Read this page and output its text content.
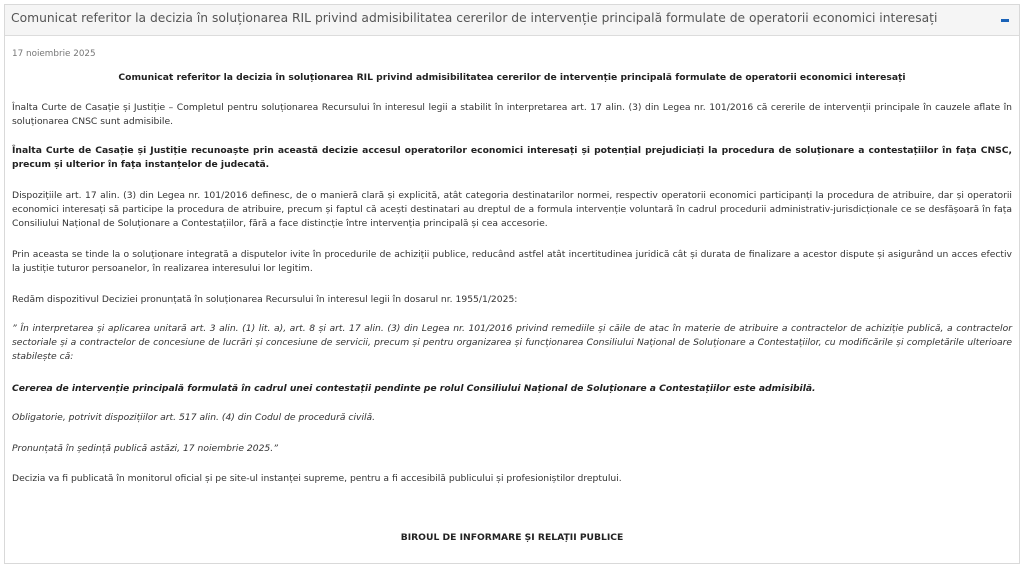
Comunicat referitor la decizia în soluționarea RIL privind admisibilitatea cererilor de intervenție principală formulate de operatorii economici interesați

17 noiembrie 2025

Comunicat referitor la decizia în soluționarea RIL privind admisibilitatea cererilor de intervenție principală formulate de operatorii economici interesați

Înalta Curte de Casație și Justiție – Completul pentru soluționarea Recursului în interesul legii a stabilit în interpretarea art. 17 alin. (3) din Legea nr. 101/2016 că cererile de intervenții principale în cauzele aflate în soluționarea CNSC sunt admisibile.

Înalta Curte de Casație și Justiție recunoaște prin această decizie accesul operatorilor economici interesați și potențial prejudiciați la procedura de soluționare a contestațiilor în fața CNSC, precum și ulterior în fața instanțelor de judecată.

Dispozițiile art. 17 alin. (3) din Legea nr. 101/2016 definesc, de o manieră clară și explicită, atât categoria destinatarilor normei, respectiv operatorii economici participanți la procedura de atribuire, dar și operatorii economici interesați să participe la procedura de atribuire, precum și faptul că acești destinatari au dreptul de a formula intervenție voluntară în cadrul procedurii administrativ-jurisdicționale ce se desfășoară în fața Consiliului Național de Soluționare a Contestațiilor, fără a face distincție între intervenția principală și cea accesorie.

Prin aceasta se tinde la o soluționare integrată a disputelor ivite în procedurile de achiziții publice, reducând astfel atât incertitudinea juridică cât și durata de finalizare a acestor dispute și asigurând un acces efectiv la justiție tuturor persoanelor, în realizarea interesului lor legitim.

Redăm dispozitivul Deciziei pronunțată în soluționarea Recursului în interesul legii în dosarul nr. 1955/1/2025:

” În interpretarea și aplicarea unitară art. 3 alin. (1) lit. a), art. 8 și art. 17 alin. (3) din Legea nr. 101/2016 privind remediile și căile de atac în materie de atribuire a contractelor de achiziție publică, a contractelor sectoriale și a contractelor de concesiune de lucrări și concesiune de servicii, precum și pentru organizarea și funcționarea Consiliului Național de Soluționare a Contestațiilor, cu modificările și completările ulterioare stabilește că:

Cererea de intervenție principală formulată în cadrul unei contestații pendinte pe rolul Consiliului Național de Soluționare a Contestațiilor este admisibilă.

Obligatorie, potrivit dispozițiilor art. 517 alin. (4) din Codul de procedură civilă.

Pronunțată în ședință publică astăzi, 17 noiembrie 2025.”

Decizia va fi publicată în monitorul oficial și pe site-ul instanței supreme, pentru a fi accesibilă publicului și profesioniștilor dreptului.

BIROUL DE INFORMARE ȘI RELAȚII PUBLICE
